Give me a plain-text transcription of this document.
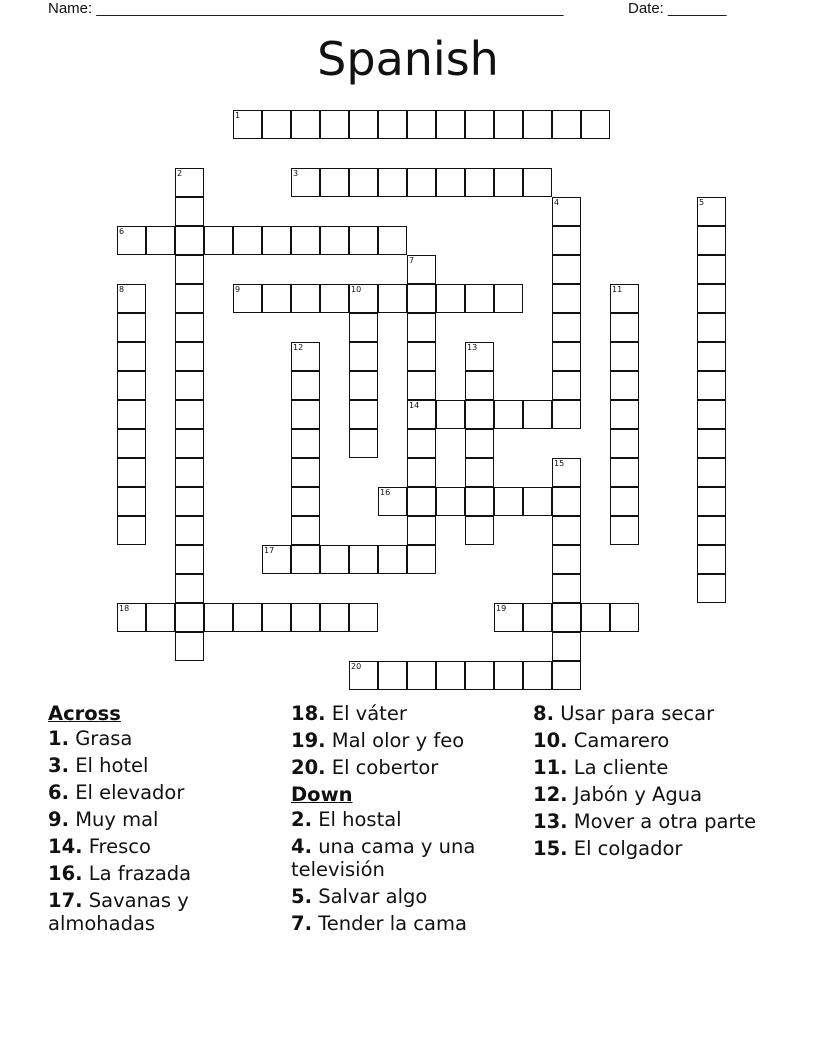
Name: ________________________________________________________	Date: _______
Spanish
1
2	3
4	5
6
7
14
8	9	10	11
12	13
15
16
17
18	19
20
Across
1. Grasa
3. El hotel
6. El elevador
9. Muy mal
14. Fresco
16. La frazada
17. Savanas y almohadas
18. El váter
19. Mal olor y feo
20. El cobertor
Down
2. El hostal
4. una cama y una televisión
5. Salvar algo
7. Tender la cama
8. Usar para secar
10. Camarero
11. La cliente
12. Jabón y Agua
13. Mover a otra parte
15. El colgador
